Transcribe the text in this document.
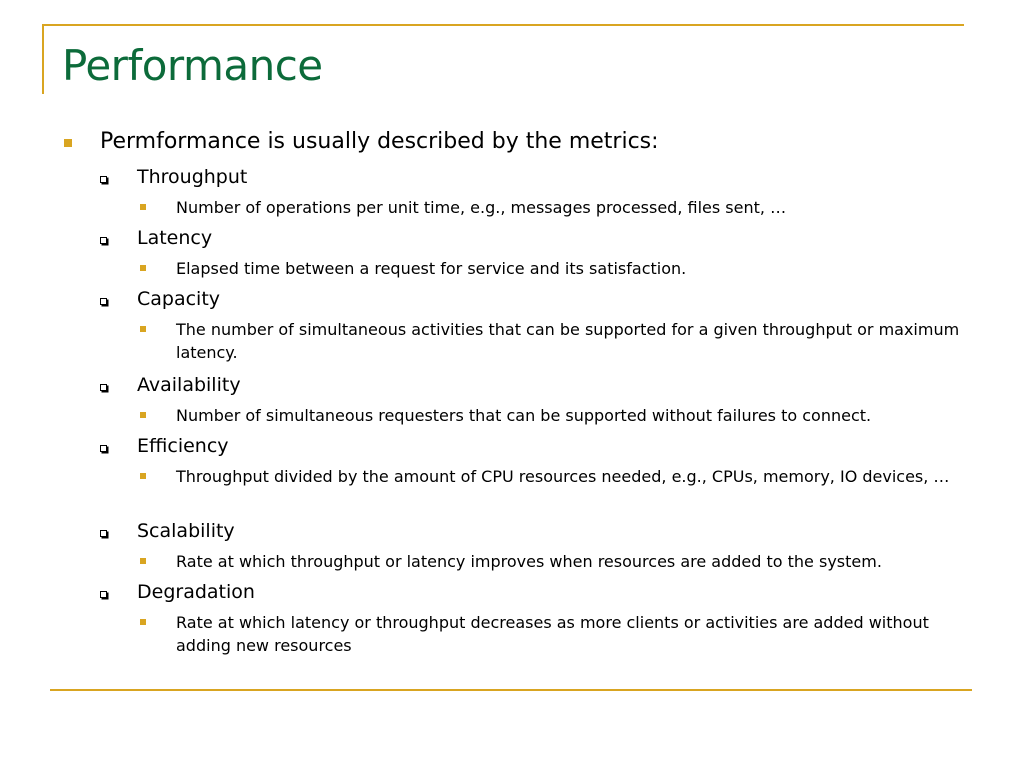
Performance
Permformance is usually described by the metrics:
Throughput
Number of operations per unit time, e.g., messages processed, files sent, …
Latency
Elapsed time between a request for service and its satisfaction.
Capacity
The number of simultaneous activities that can be supported for a given throughput or maximum latency.
Availability
Number of simultaneous requesters that can be supported without failures to connect.
Efficiency
Throughput divided by the amount of CPU resources needed, e.g., CPUs, memory, IO devices, …
Scalability
Rate at which throughput or latency improves when resources are added to the system.
Degradation
Rate at which latency or throughput decreases as more clients or activities are added without adding new resources
